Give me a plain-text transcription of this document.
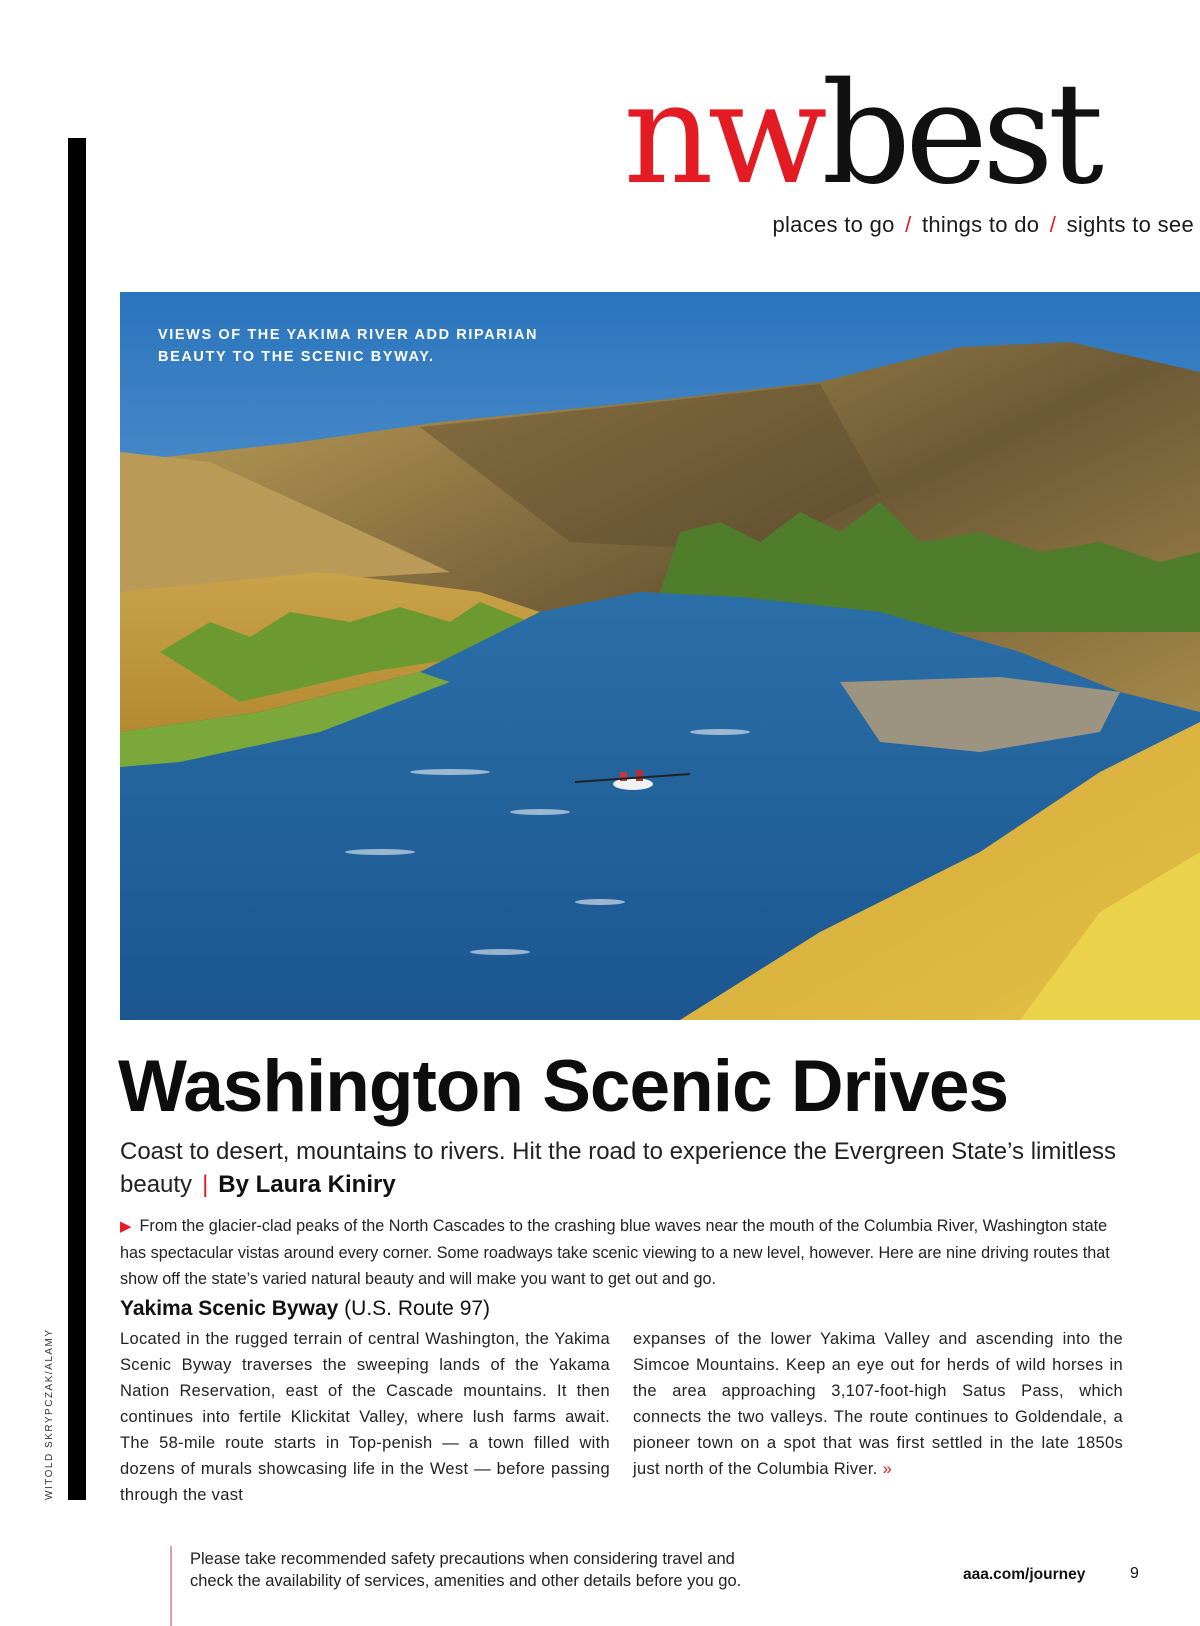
WITOLD SKRYPCZAK/ALAMY
nwbest
places to go / things to do / sights to see
VIEWS OF THE YAKIMA RIVER ADD RIPARIAN
BEAUTY TO THE SCENIC BYWAY.
Washington Scenic Drives
Coast to desert, mountains to rivers. Hit the road to experience the Evergreen State’s limitless beauty | By Laura Kiniry

▶ From the glacier-clad peaks of the North Cascades to the crashing blue waves near the mouth of the Columbia River, Washington state has spectacular vistas around every corner. Some roadways take scenic viewing to a new level, however. Here are nine driving routes that show off the state’s varied natural beauty and will make you want to get out and go.

Yakima Scenic Byway (U.S. Route 97)

Located in the rugged terrain of central Washington, the Yakima Scenic Byway traverses the sweeping lands of the Yakama Nation Reservation, east of the Cascade mountains. It then continues into fertile Klickitat Valley, where lush farms await. The 58-mile route starts in Top-penish — a town filled with dozens of murals showcasing life in the West — before passing through the vast

expanses of the lower Yakima Valley and ascending into the Simcoe Mountains. Keep an eye out for herds of wild horses in the area approaching 3,107-foot-high Satus Pass, which connects the two valleys. The route continues to Goldendale, a pioneer town on a spot that was first settled in the late 1850s just north of the Columbia River. »

Please take recommended safety precautions when considering travel and
check the availability of services, amenities and other details before you go.	aaa.com/journey	9
